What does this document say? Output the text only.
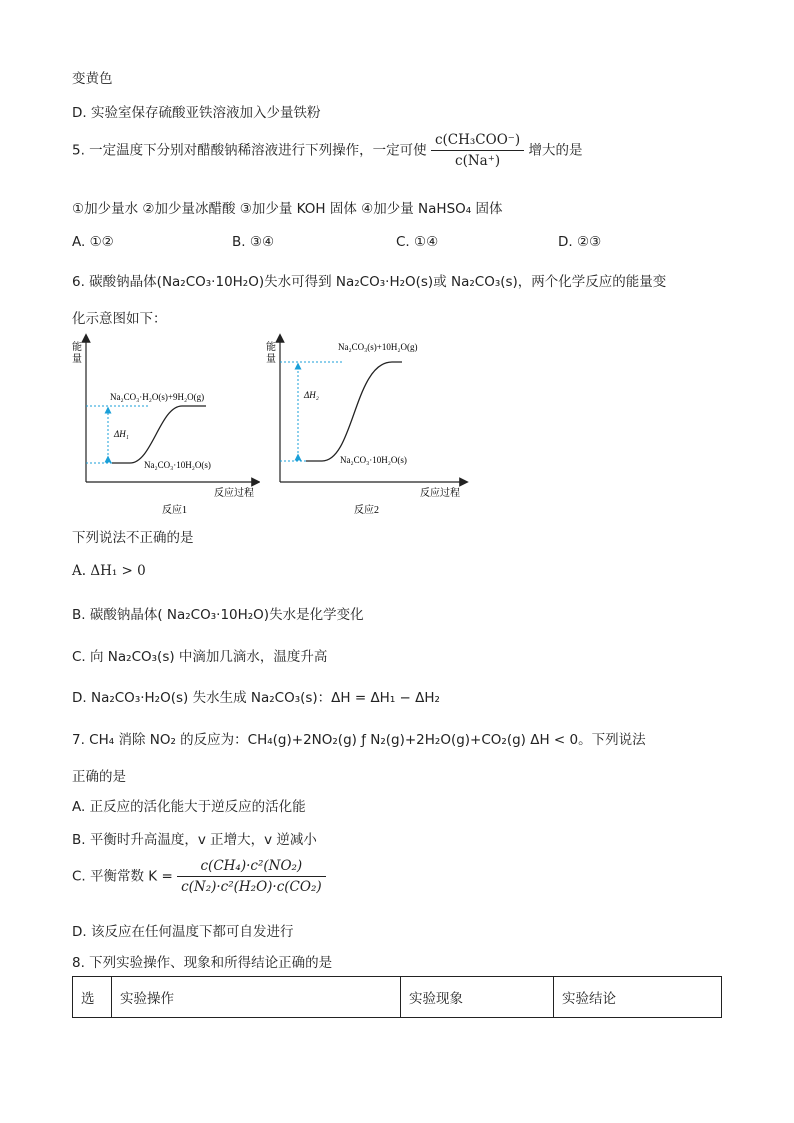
变黄色
D. 实验室保存硫酸亚铁溶液加入少量铁粉
5. 一定温度下分别对醋酸钠稀溶液进行下列操作，一定可使 $\frac{\text{c(CH₃COO⁻)}}{c(Na^+)}$ 增大的是
①加少量水 ②加少量冰醋酸 ③加少量 KOH 固体 ④加少量 NaHSO₄ 固体
A. ①②	B. ③④	C. ①④	D. ②③
6. 碳酸钠晶体(Na₂CO₃·10H₂O)失水可得到 Na₂CO₃·H₂O(s)或 Na₂CO₃(s)，两个化学反应的能量变
化示意图如下：
能
量
ΔH₁
Na₂CO₃·H₂O(s)+9H₂O(g)
Na₂CO₃·10H₂O(s)
反应过程
反应1
能
量
ΔH₂
Na₂CO₃(s)+10H₂O(g)
Na₂CO₃·10H₂O(s)
反应过程
反应2
下列说法不正确的是
A. ΔH₁ > 0
B. 碳酸钠晶体( Na₂CO₃·10H₂O)失水是化学变化
C. 向 Na₂CO₃(s) 中滴加几滴水，温度升高
D. Na₂CO₃·H₂O(s) 失水生成 Na₂CO₃(s)：ΔH = ΔH₁ − ΔH₂
7. CH₄ 消除 NO₂ 的反应为：CH₄(g)+2NO₂(g) ƒ N₂(g)+2H₂O(g)+CO₂(g) ΔH < 0。下列说法
正确的是
A. 正反应的活化能大于逆反应的活化能
B. 平衡时升高温度，v 正增大，v 逆减小
C. 平衡常数 $K = \frac{\text{c(CH₄)·c²(NO₂)}}{\text{c(N₂)·c²(H₂O)·c(CO₂)}}$
D. 该反应在任何温度下都可自发进行
8. 下列实验操作、现象和所得结论正确的是
选	实验操作	实验现象	实验结论
